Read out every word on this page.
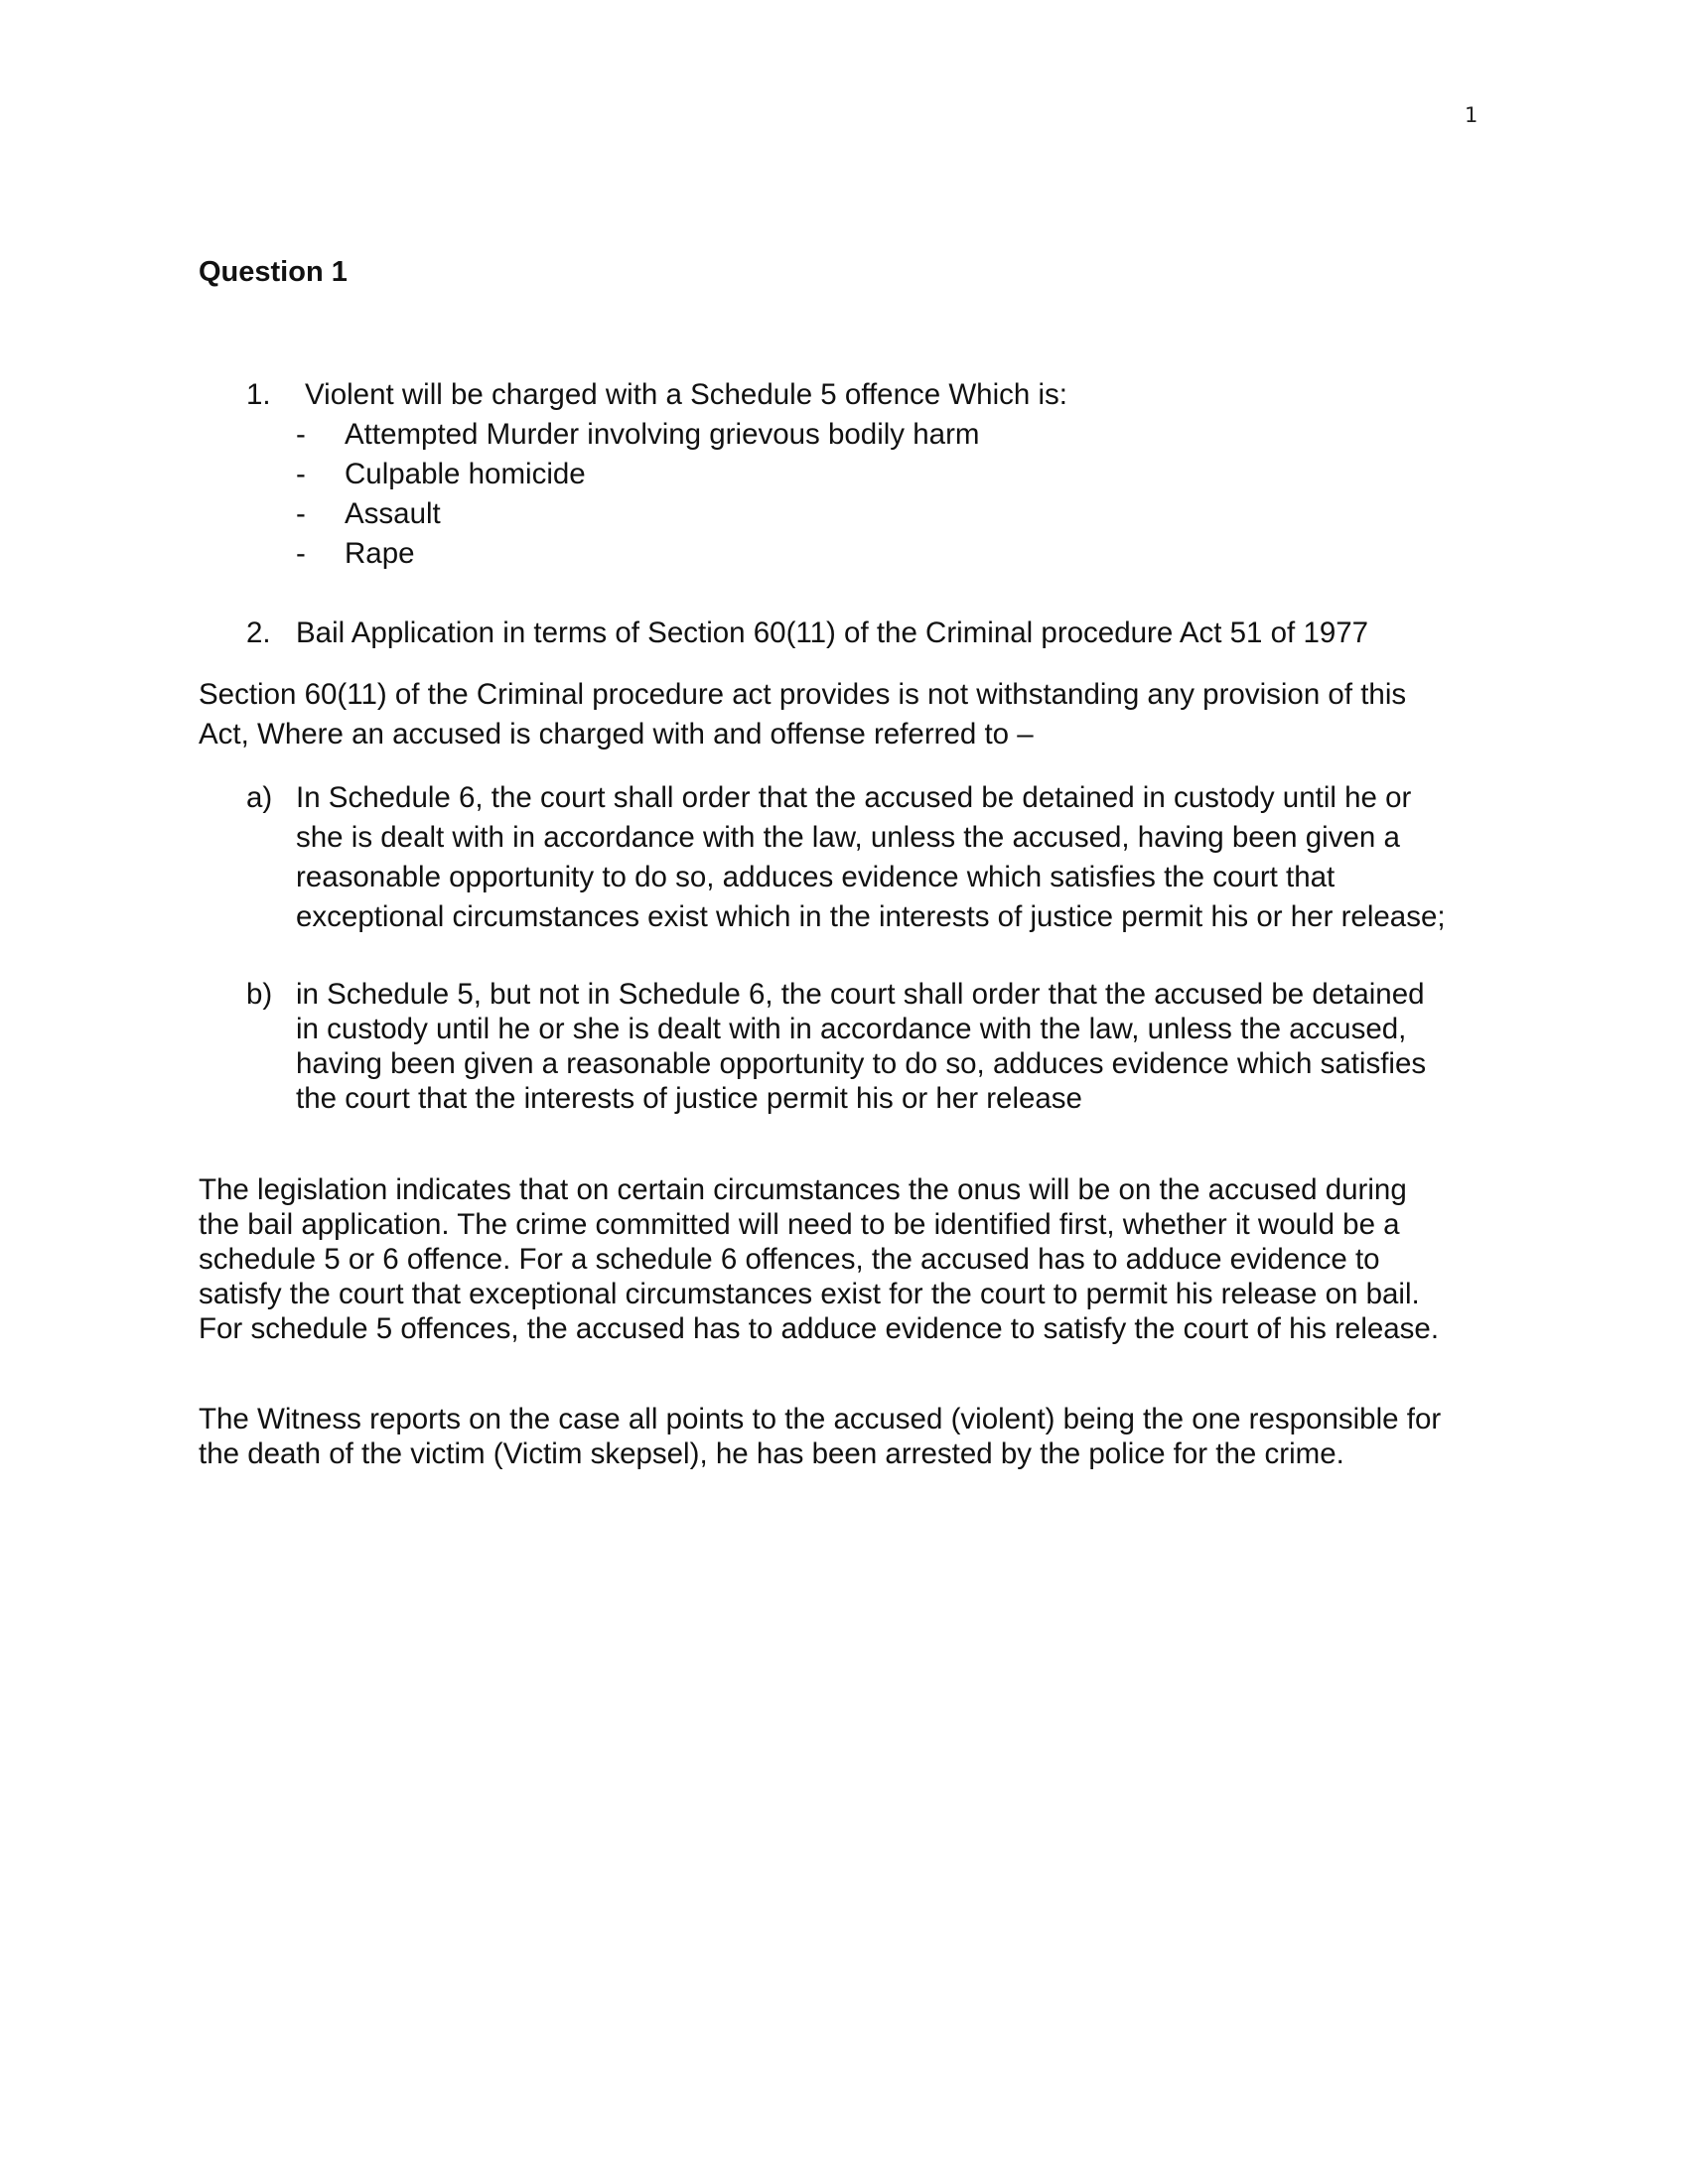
1
Question 1
1. Violent will be charged with a Schedule 5 offence Which is:
- Attempted Murder involving grievous bodily harm
- Culpable homicide
- Assault
- Rape
2. Bail Application in terms of Section 60(11) of the Criminal procedure Act 51 of 1977
Section 60(11) of the Criminal procedure act provides is not withstanding any provision of this
Act, Where an accused is charged with and offense referred to –
a) In Schedule 6, the court shall order that the accused be detained in custody until he or
she is dealt with in accordance with the law, unless the accused, having been given a
reasonable opportunity to do so, adduces evidence which satisfies the court that
exceptional circumstances exist which in the interests of justice permit his or her release;
b) in Schedule 5, but not in Schedule 6, the court shall order that the accused be detained
in custody until he or she is dealt with in accordance with the law, unless the accused,
having been given a reasonable opportunity to do so, adduces evidence which satisfies
the court that the interests of justice permit his or her release
The legislation indicates that on certain circumstances the onus will be on the accused during
the bail application. The crime committed will need to be identified first, whether it would be a
schedule 5 or 6 offence. For a schedule 6 offences, the accused has to adduce evidence to
satisfy the court that exceptional circumstances exist for the court to permit his release on bail.
For schedule 5 offences, the accused has to adduce evidence to satisfy the court of his release.
The Witness reports on the case all points to the accused (violent) being the one responsible for
the death of the victim (Victim skepsel), he has been arrested by the police for the crime.
